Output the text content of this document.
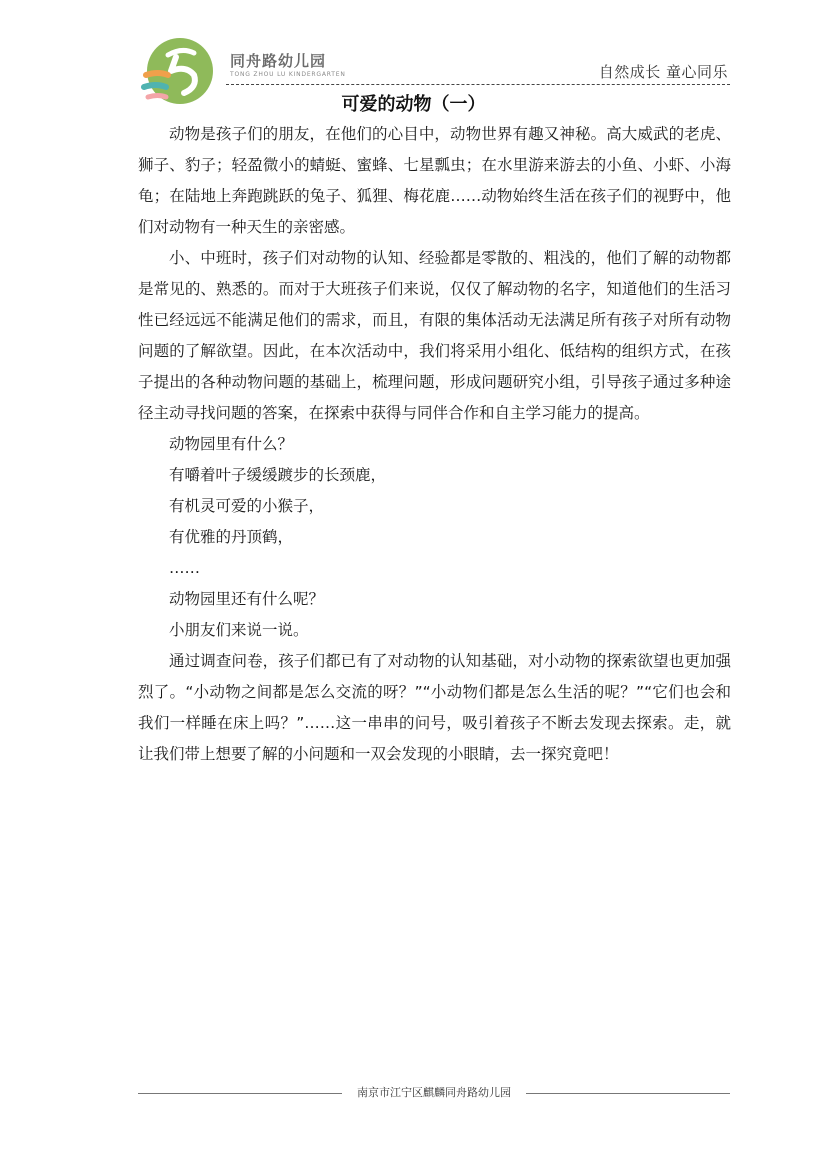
同舟路幼儿园
TONG ZHOU LU KINDERGARTEN	自然成长 童心同乐
可爱的动物（一）

动物是孩子们的朋友，在他们的心目中，动物世界有趣又神秘。高大威武的老虎、狮子、豹子；轻盈微小的蜻蜓、蜜蜂、七星瓢虫；在水里游来游去的小鱼、小虾、小海龟；在陆地上奔跑跳跃的兔子、狐狸、梅花鹿……动物始终生活在孩子们的视野中，他们对动物有一种天生的亲密感。

小、中班时，孩子们对动物的认知、经验都是零散的、粗浅的，他们了解的动物都是常见的、熟悉的。而对于大班孩子们来说，仅仅了解动物的名字，知道他们的生活习性已经远远不能满足他们的需求，而且，有限的集体活动无法满足所有孩子对所有动物问题的了解欲望。因此，在本次活动中，我们将采用小组化、低结构的组织方式，在孩子提出的各种动物问题的基础上，梳理问题，形成问题研究小组，引导孩子通过多种途径主动寻找问题的答案，在探索中获得与同伴合作和自主学习能力的提高。

动物园里有什么？

有嚼着叶子缓缓踱步的长颈鹿，

有机灵可爱的小猴子，

有优雅的丹顶鹤，

……

动物园里还有什么呢？

小朋友们来说一说。

通过调查问卷，孩子们都已有了对动物的认知基础，对小动物的探索欲望也更加强烈了。“小动物之间都是怎么交流的呀？”“小动物们都是怎么生活的呢？”“它们也会和我们一样睡在床上吗？”……这一串串的问号，吸引着孩子不断去发现去探索。走，就让我们带上想要了解的小问题和一双会发现的小眼睛，去一探究竟吧！

南京市江宁区麒麟同舟路幼儿园
